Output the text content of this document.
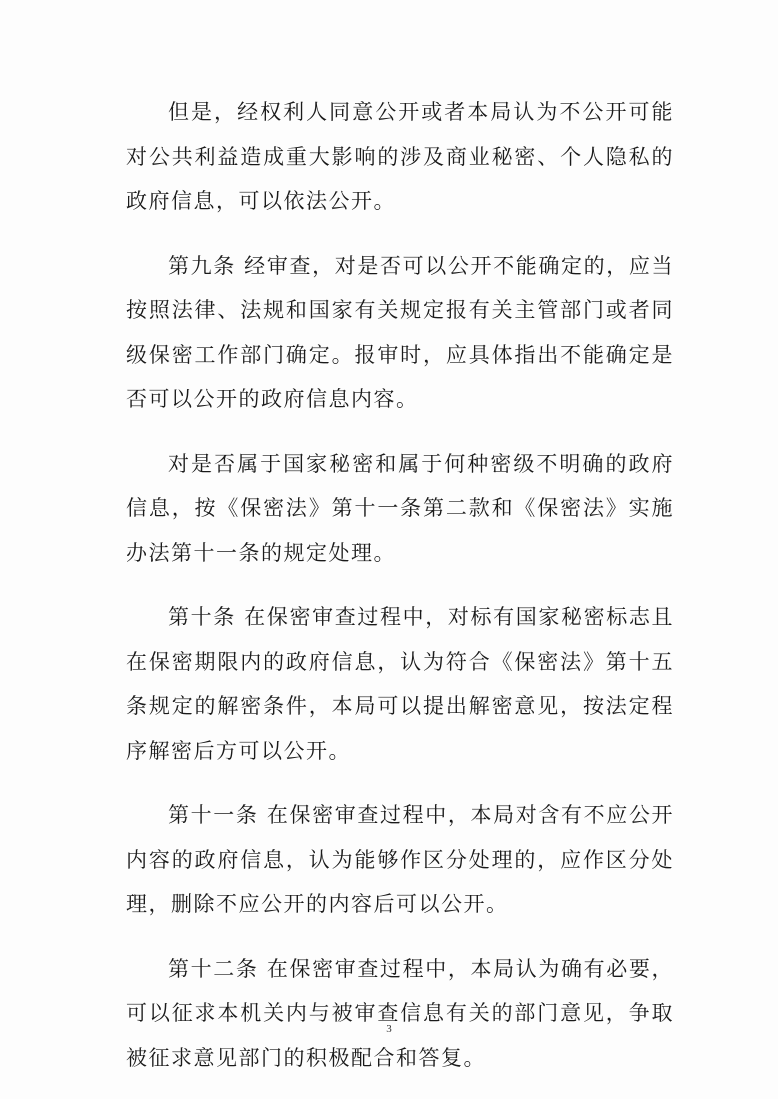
但是，经权利人同意公开或者本局认为不公开可能对公共利益造成重大影响的涉及商业秘密、个人隐私的政府信息，可以依法公开。

第九条 经审查，对是否可以公开不能确定的，应当按照法律、法规和国家有关规定报有关主管部门或者同级保密工作部门确定。报审时，应具体指出不能确定是否可以公开的政府信息内容。

对是否属于国家秘密和属于何种密级不明确的政府信息，按《保密法》第十一条第二款和《保密法》实施办法第十一条的规定处理。

第十条 在保密审查过程中，对标有国家秘密标志且在保密期限内的政府信息，认为符合《保密法》第十五条规定的解密条件，本局可以提出解密意见，按法定程序解密后方可以公开。

第十一条 在保密审查过程中，本局对含有不应公开内容的政府信息，认为能够作区分处理的，应作区分处理，删除不应公开的内容后可以公开。

第十二条 在保密审查过程中，本局认为确有必要，可以征求本机关内与被审查信息有关的部门意见，争取被征求意见部门的积极配合和答复。

3
